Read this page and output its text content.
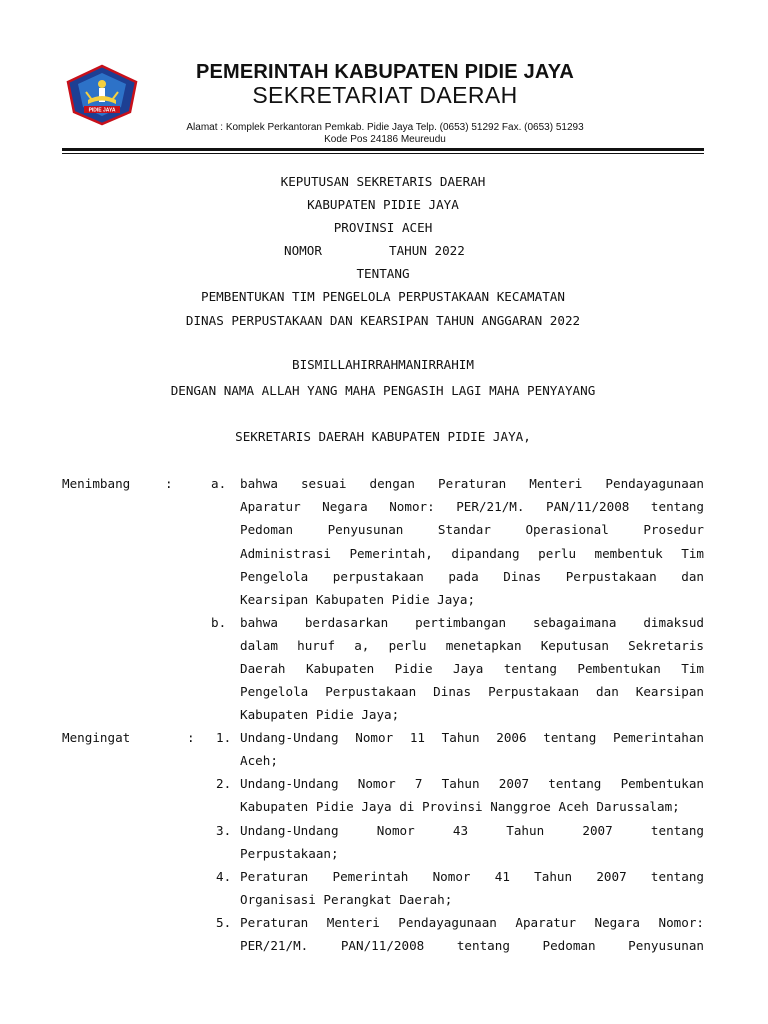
PIDIE JAYA
PEMERINTAH KABUPATEN PIDIE JAYA
SEKRETARIAT DAERAH
Alamat : Komplek Perkantoran Pemkab. Pidie Jaya Telp. (0653) 51292 Fax. (0653) 51293
Kode Pos 24186 Meureudu
KEPUTUSAN SEKRETARIS DAERAH
KABUPATEN PIDIE JAYA
PROVINSI ACEH
NOMOR	TAHUN 2022
TENTANG
PEMBENTUKAN TIM PENGELOLA PERPUSTAKAAN KECAMATAN
DINAS PERPUSTAKAAN DAN KEARSIPAN TAHUN ANGGARAN 2022
BISMILLAHIRRAHMANIRRAHIM
DENGAN NAMA ALLAH YANG MAHA PENGASIH LAGI MAHA PENYAYANG
SEKRETARIS DAERAH KABUPATEN PIDIE JAYA,
Menimbang	:	a. bahwa sesuai dengan Peraturan Menteri Pendayagunaan
Aparatur Negara Nomor: PER/21/M. PAN/11/2008 tentang
Pedoman Penyusunan Standar Operasional Prosedur
Administrasi Pemerintah, dipandang perlu membentuk Tim
Pengelola perpustakaan pada Dinas Perpustakaan dan
Kearsipan Kabupaten Pidie Jaya;
b. bahwa berdasarkan pertimbangan sebagaimana dimaksud
dalam huruf a, perlu menetapkan Keputusan Sekretaris
Daerah Kabupaten Pidie Jaya tentang Pembentukan Tim
Pengelola Perpustakaan Dinas Perpustakaan dan Kearsipan
Kabupaten Pidie Jaya;
Mengingat	: 1. Undang-Undang Nomor 11 Tahun 2006 tentang Pemerintahan
Aceh;
2. Undang-Undang Nomor 7 Tahun 2007 tentang Pembentukan
Kabupaten Pidie Jaya di Provinsi Nanggroe Aceh Darussalam;
3. Undang-Undang Nomor 43 Tahun 2007 tentang
Perpustakaan;
4. Peraturan Pemerintah Nomor 41 Tahun 2007 tentang
Organisasi Perangkat Daerah;
5. Peraturan Menteri Pendayagunaan Aparatur Negara Nomor:
PER/21/M. PAN/11/2008 tentang Pedoman Penyusunan
